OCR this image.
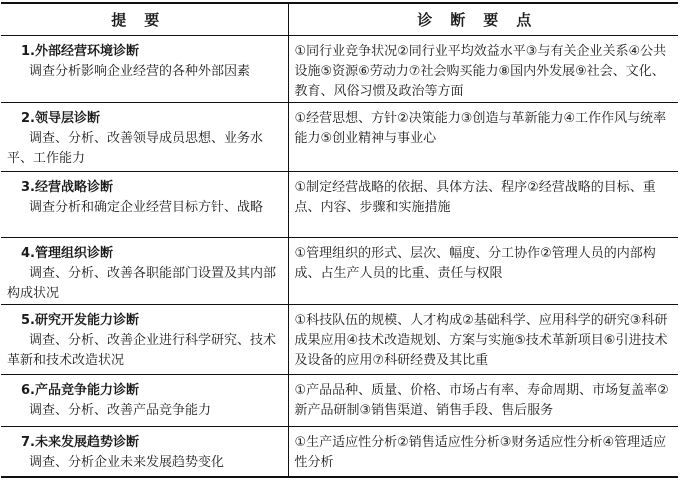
提要	诊断要点

1.外部经营环境诊断
调查分析影响企业经营的各种外部因素	①同行业竞争状况②同行业平均效益水平③与有关企业关系④公共设施⑤资源⑥劳动力⑦社会购买能力⑧国内外发展⑨社会、文化、教育、风俗习惯及政治等方面

2.领导层诊断
调查、分析、改善领导成员思想、业务水平、工作能力	①经营思想、方针②决策能力③创造与革新能力④工作作风与统率能力⑤创业精神与事业心

3.经营战略诊断
调查分析和确定企业经营目标方针、战略	①制定经营战略的依据、具体方法、程序②经营战略的目标、重点、内容、步骤和实施措施

4.管理组织诊断
调查、分析、改善各职能部门设置及其内部构成状况	①管理组织的形式、层次、幅度、分工协作②管理人员的内部构成、占生产人员的比重、责任与权限

5.研究开发能力诊断
调查、分析、改善企业进行科学研究、技术革新和技术改造状况	①科技队伍的规模、人才构成②基础科学、应用科学的研究③科研成果应用④技术改造规划、方案与实施⑤技术革新项目⑥引进技术及设备的应用⑦科研经费及其比重

6.产品竞争能力诊断
调查、分析、改善产品竞争能力	①产品品种、质量、价格、市场占有率、寿命周期、市场复盖率②新产品研制③销售渠道、销售手段、售后服务

7.未来发展趋势诊断
调查、分析企业未来发展趋势变化	①生产适应性分析②销售适应性分析③财务适应性分析④管理适应性分析
